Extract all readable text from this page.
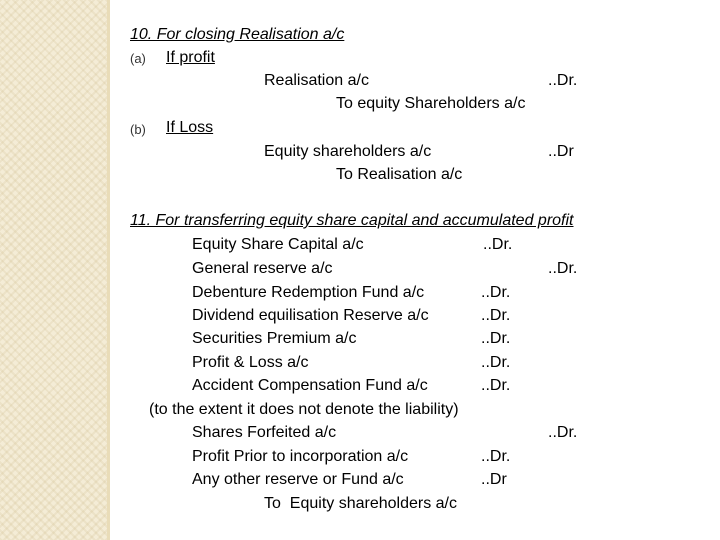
10. For closing Realisation a/c
(a) If profit
Realisation a/c	..Dr.
To equity Shareholders a/c
(b) If Loss
Equity shareholders a/c	..Dr
To Realisation a/c
11. For transferring equity share capital and accumulated profit
Equity Share Capital a/c	..Dr.
General reserve a/c	..Dr.
Debenture Redemption Fund a/c	..Dr.
Dividend equilisation Reserve a/c	..Dr.
Securities Premium a/c	..Dr.
Profit & Loss a/c	..Dr.
Accident Compensation Fund a/c	..Dr.
(to the extent it does not denote the liability)
Shares Forfeited a/c	..Dr.
Profit Prior to incorporation a/c	..Dr.
Any other reserve or Fund a/c	..Dr
To  Equity shareholders a/c
